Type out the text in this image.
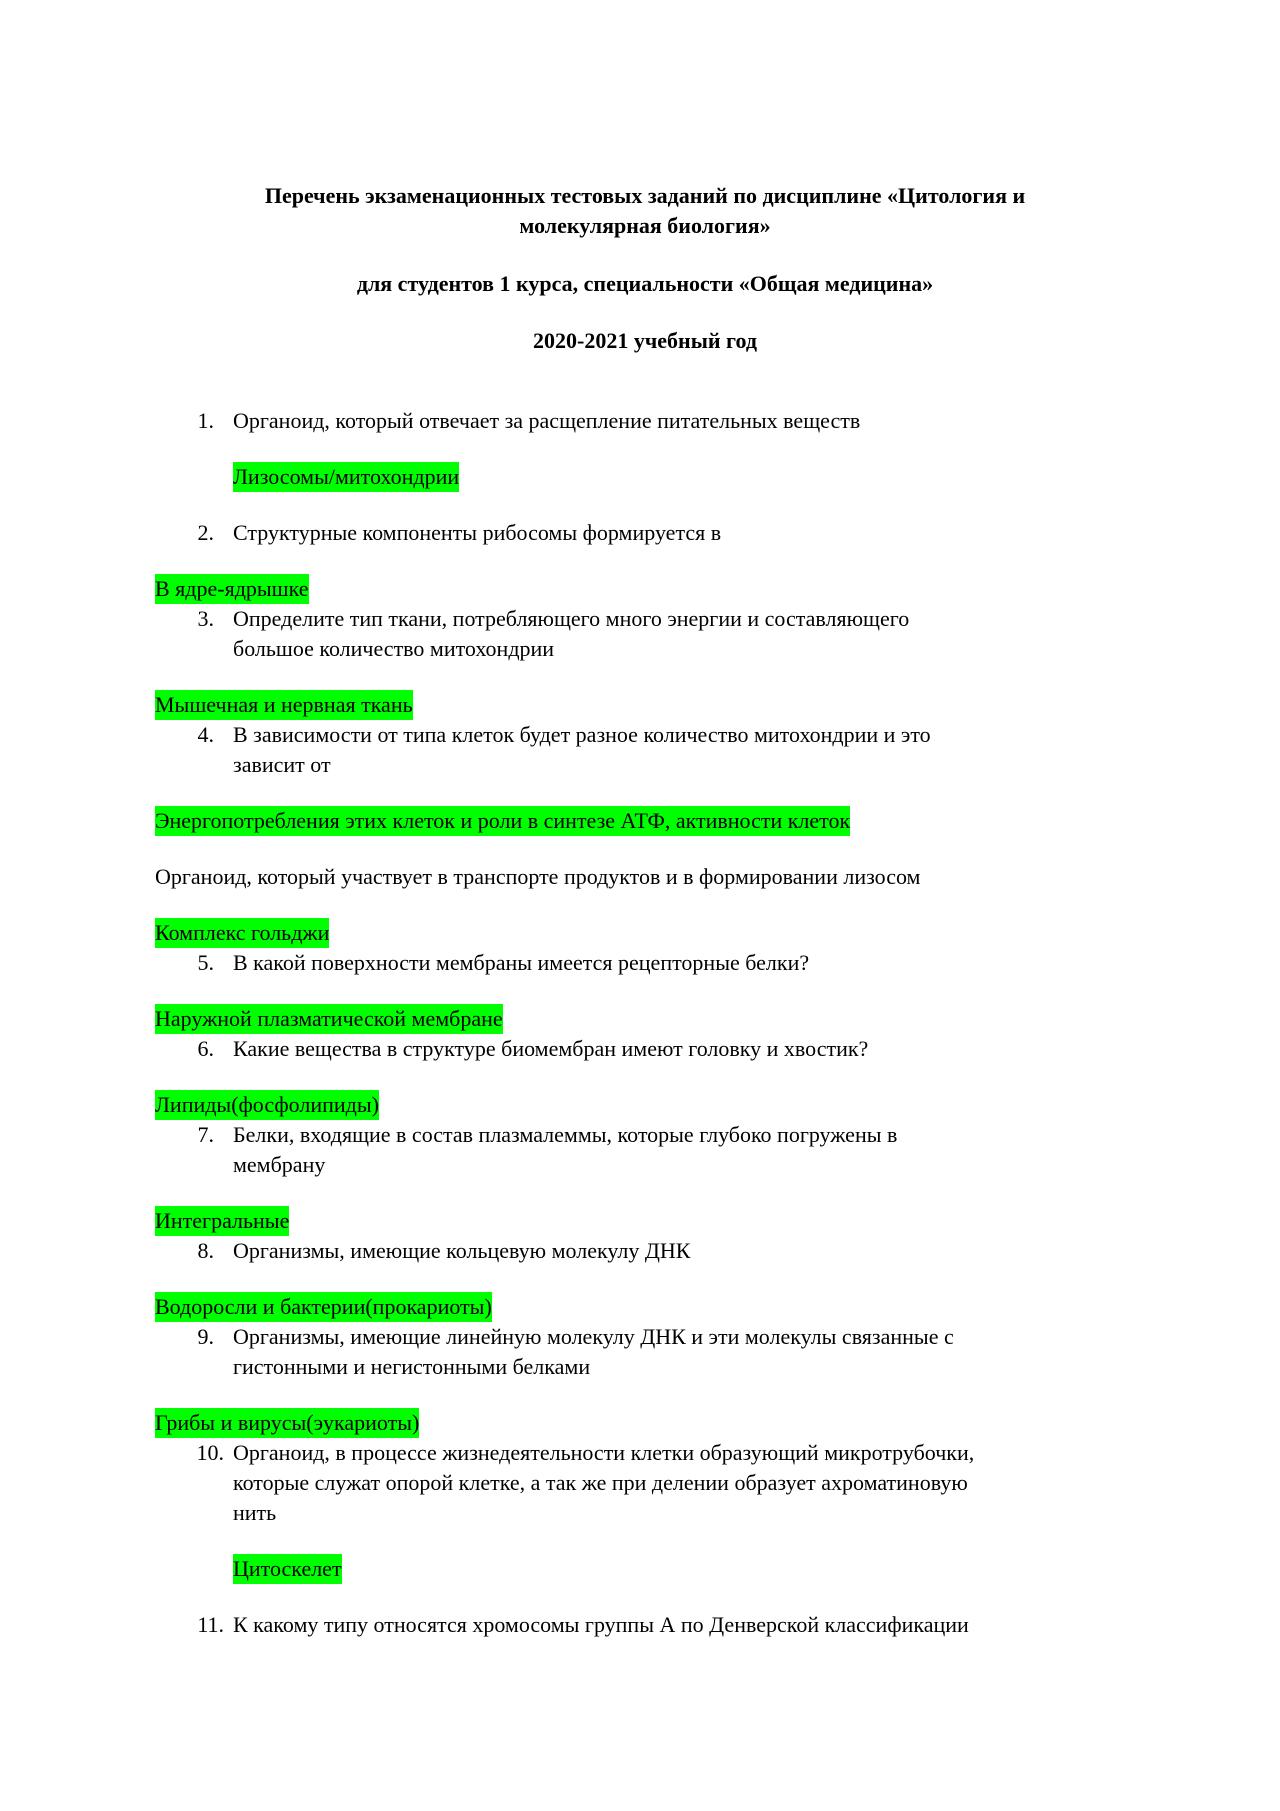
Перечень экзаменационных тестовых заданий по дисциплине «Цитология и
молекулярная биология»
для студентов 1 курса, специальности «Общая медицина»
2020-2021 учебный год
1. Органоид, который отвечает за расщепление питательных веществ
Лизосомы/митохондрии
2. Структурные компоненты рибосомы формируется в
В ядре-ядрышке
3. Определите тип ткани, потребляющего много энергии и составляющего
большое количество митохондрии
Мышечная и нервная ткань
4. В зависимости от типа клеток будет разное количество митохондрии и это
зависит от
Энергопотребления этих клеток и роли в синтезе АТФ, активности клеток
Органоид, который участвует в транспорте продуктов и в формировании лизосом
Комплекс гольджи
5. В какой поверхности мембраны имеется рецепторные белки?
Наружной плазматической мембране
6. Какие вещества в структуре биомембран имеют головку и хвостик?
Липиды(фосфолипиды)
7. Белки, входящие в состав плазмалеммы, которые глубоко погружены в
мембрану
Интегральные
8. Организмы, имеющие кольцевую молекулу ДНК
Водоросли и бактерии(прокариоты)
9. Организмы, имеющие линейную молекулу ДНК и эти молекулы связанные с
гистонными и негистонными белками
Грибы и вирусы(эукариоты)
10. Органоид, в процессе жизнедеятельности клетки образующий микротрубочки,
которые служат опорой клетке, а так же при делении образует ахроматиновую
нить
Цитоскелет
11. К какому типу относятся хромосомы группы А по Денверской классификации
